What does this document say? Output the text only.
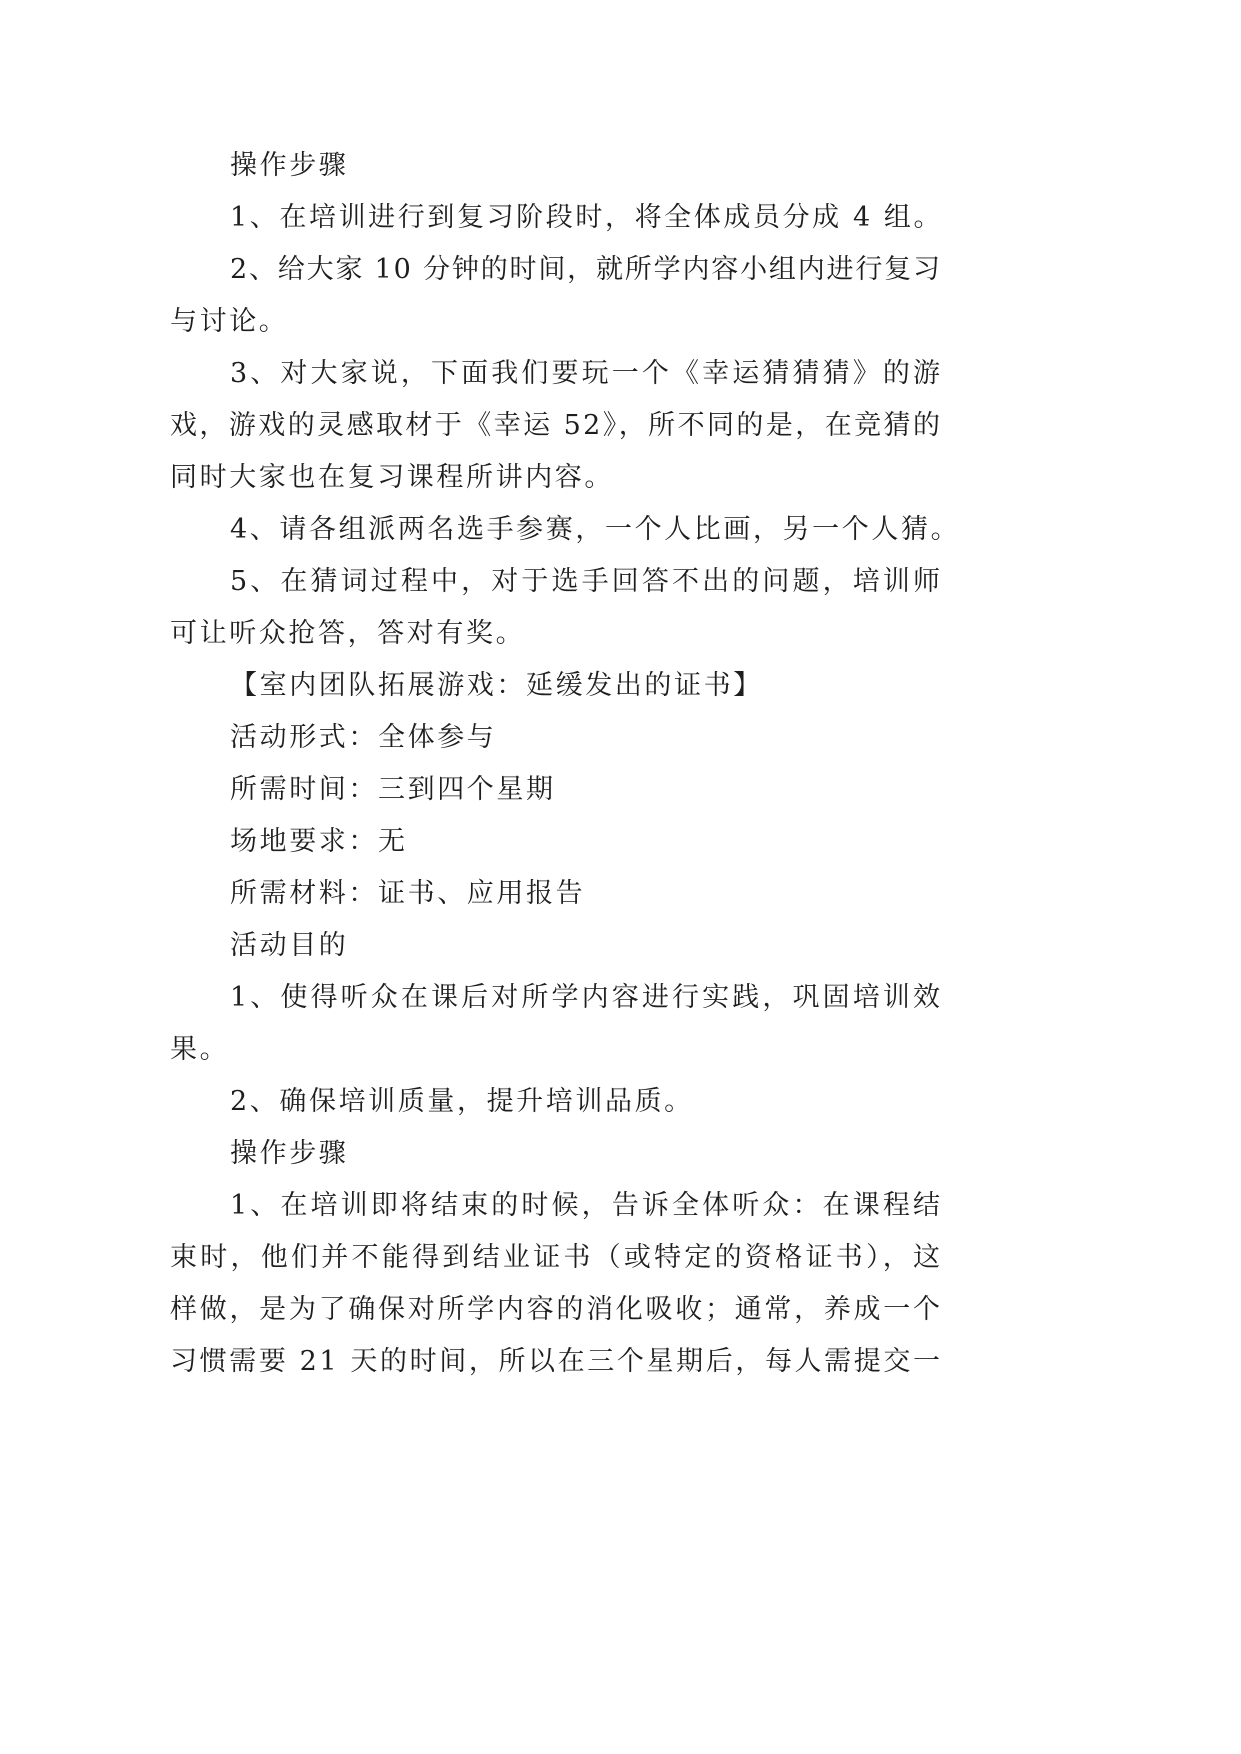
操作步骤
1、在培训进行到复习阶段时，将全体成员分成 4 组。
2、给大家 10 分钟的时间，就所学内容小组内进行复习
与讨论。
3、对大家说，下面我们要玩一个《幸运猜猜猜》的游
戏，游戏的灵感取材于《幸运 52》，所不同的是，在竞猜的
同时大家也在复习课程所讲内容。
4、请各组派两名选手参赛，一个人比画，另一个人猜。
5、在猜词过程中，对于选手回答不出的问题，培训师
可让听众抢答，答对有奖。
【室内团队拓展游戏：延缓发出的证书】
活动形式：全体参与
所需时间：三到四个星期
场地要求：无
所需材料：证书、应用报告
活动目的
1、使得听众在课后对所学内容进行实践，巩固培训效
果。
2、确保培训质量，提升培训品质。
操作步骤
1、在培训即将结束的时候，告诉全体听众：在课程结
束时，他们并不能得到结业证书（或特定的资格证书），这
样做，是为了确保对所学内容的消化吸收；通常，养成一个
习惯需要 21 天的时间，所以在三个星期后，每人需提交一
